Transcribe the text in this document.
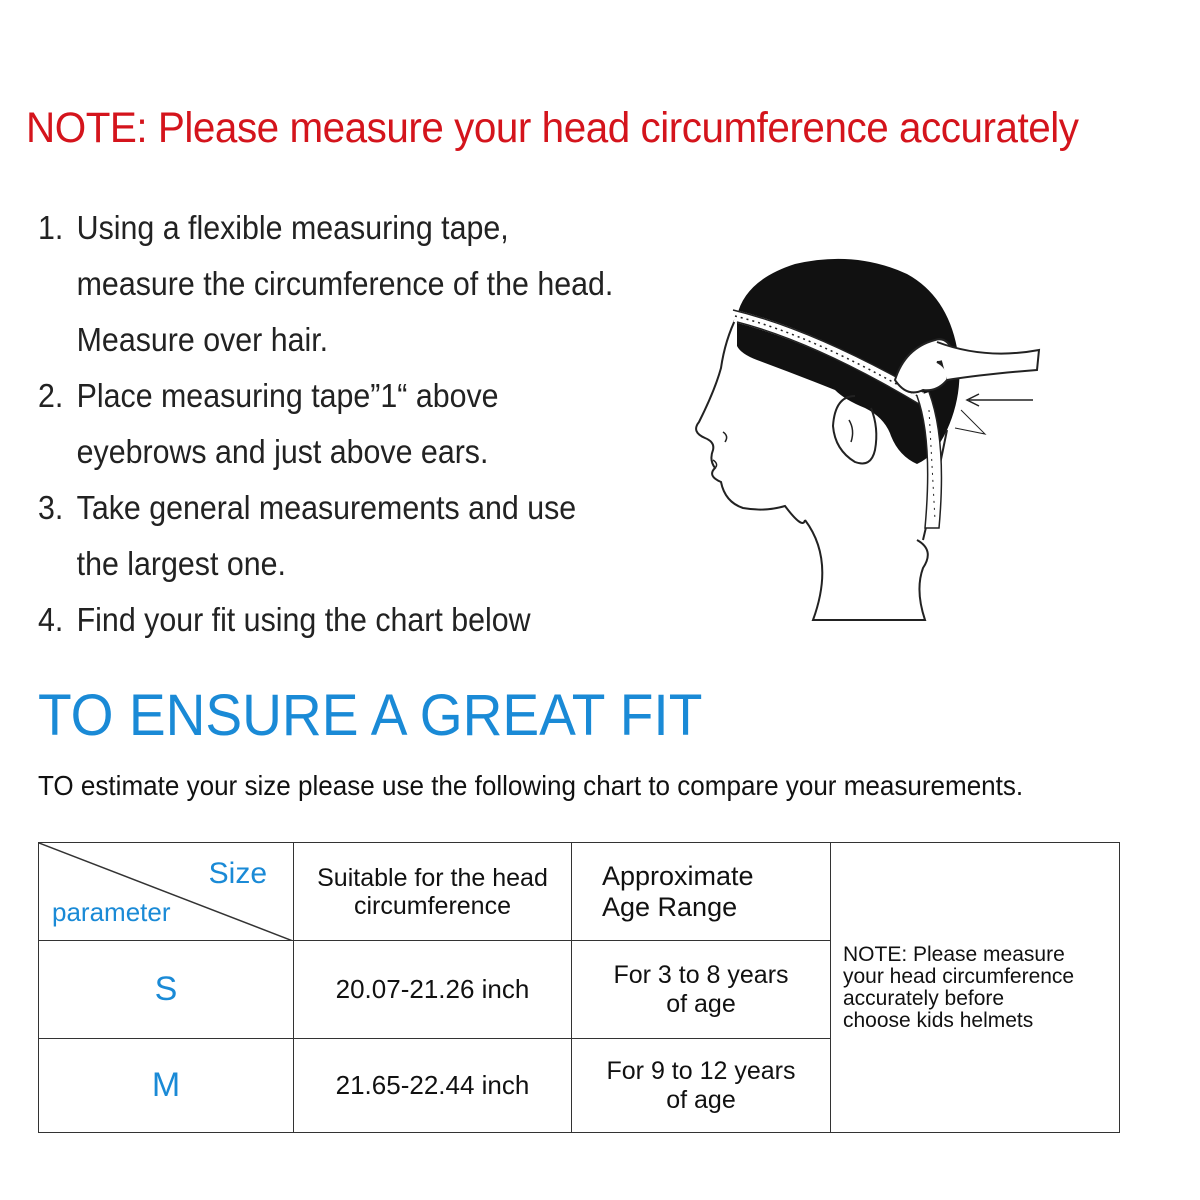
NOTE: Please measure your head circumference accurately
1. Using a flexible measuring tape,
measure the circumference of the head.
Measure over hair.
2. Place measuring tape”1“ above
eyebrows and just above ears.
3. Take general measurements and use
the largest one.
4. Find your fit using the chart below
TO ENSURE A GREAT FIT
TO estimate your size please use the following chart to compare your measurements.
Size
parameter	Suitable for the head circumference	Approximate
Age Range	NOTE: Please measure
your head circumference
accurately before
choose kids helmets

S	20.07-21.26 inch	For 3 to 8 years
of age	
M	21.65-22.44 inch	For 9 to 12 years
of age	
